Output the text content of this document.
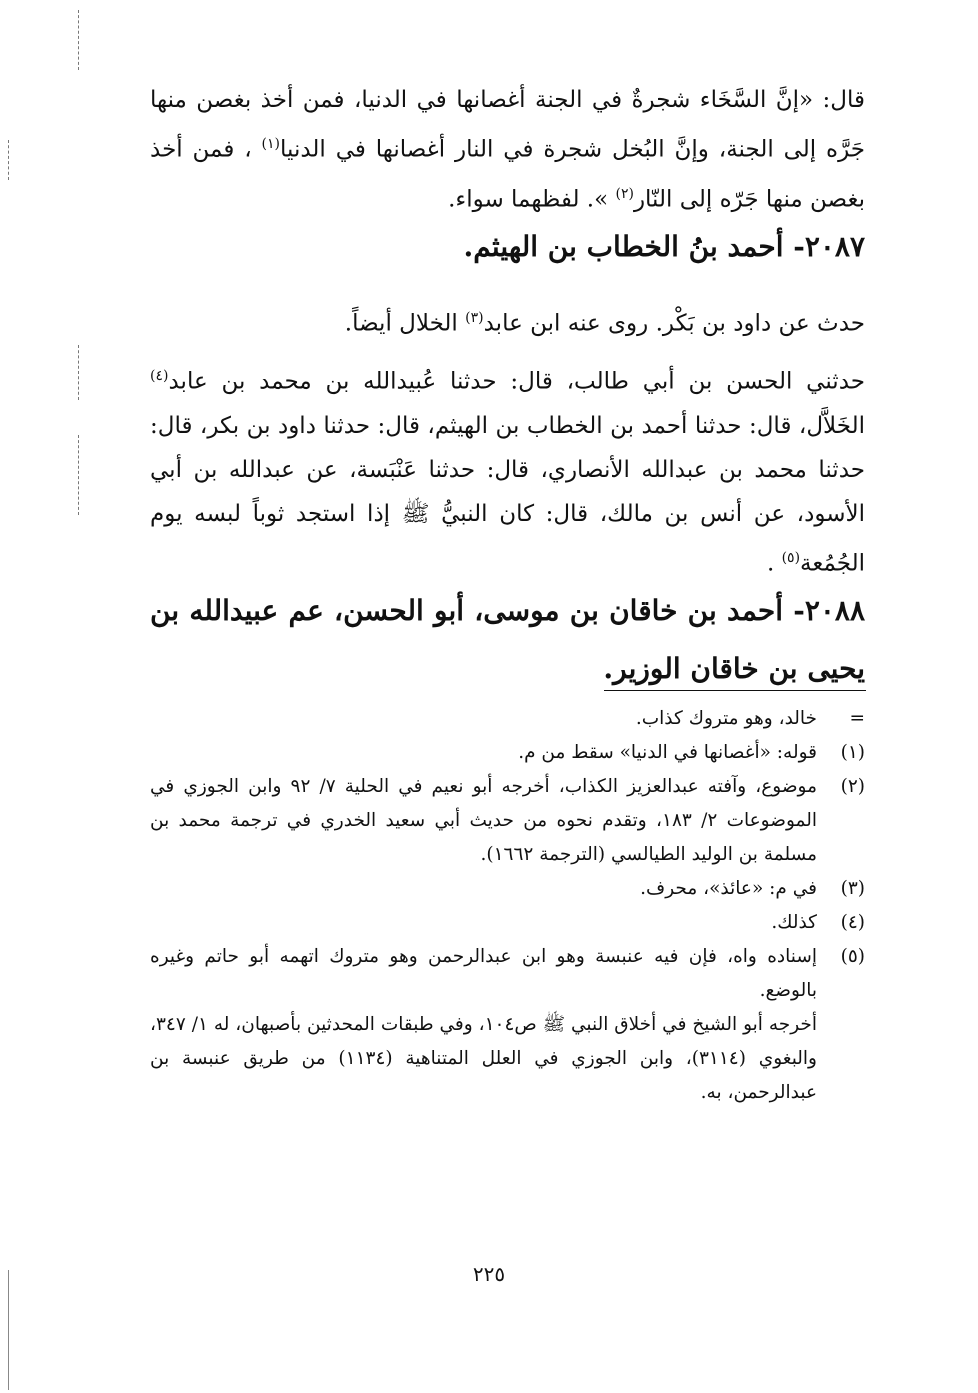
قال: «إنَّ السَّخَاء شجرةٌ في الجنة أغصانها في الدنيا، فمن أخذ بغصن منها جَرَّه إلى الجنة، وإنَّ البُخل شجرة في النار أغصانها في الدنيا$^{(١)}$ ، فمن أخذ بغصن منها جَرّه إلى النّار$^{(٢)}$ ». لفظهما سواء.

٢٠٨٧- أحمد بنُ الخطاب بن الهيثم.

حدث عن داود بن بَكْر. روى عنه ابن عابد$^{(٣)}$ الخلال أيضاً.

حدثني الحسن بن أبي طالب، قال: حدثنا عُبيدالله بن محمد بن عابد$^{(٤)}$ الخَلاَّل، قال: حدثنا أحمد بن الخطاب بن الهيثم، قال: حدثنا داود بن بكر، قال: حدثنا محمد بن عبدالله الأنصاري، قال: حدثنا عَنْبَسة، عن عبدالله بن أبي الأسود، عن أنس بن مالك، قال: كان النبيُّ ﷺ إذا استجد ثوباً لبسه يوم الجُمُعة$^{(٥)}$ .

٢٠٨٨- أحمد بن خاقان بن موسى، أبو الحسن، عم عبيدالله بن يحيى بن خاقان الوزير.

=
خالد، وهو متروك كذاب.
(١)
قوله: «أغصانها في الدنيا» سقط من م.
(٢)
موضوع، وآفته عبدالعزيز الكذاب، أخرجه أبو نعيم في الحلية ٧/ ٩٢ وابن الجوزي في الموضوعات ٢/ ١٨٣، وتقدم نحوه من حديث أبي سعيد الخدري في ترجمة محمد بن مسلمة بن الوليد الطيالسي (الترجمة ١٦٦٢).
(٣)
في م: «عائذ»، محرف.
(٤)
كذلك.
(٥)
إسناده واه، فإن فيه عنبسة وهو ابن عبدالرحمن وهو متروك اتهمه أبو حاتم وغيره بالوضع.

أخرجه أبو الشيخ في أخلاق النبي ﷺ ص١٠٤، وفي طبقات المحدثين بأصبهان، له ١/ ٣٤٧، والبغوي (٣١١٤)، وابن الجوزي في العلل المتناهية (١١٣٤) من طريق عنبسة بن عبدالرحمن، به.

٢٢٥
